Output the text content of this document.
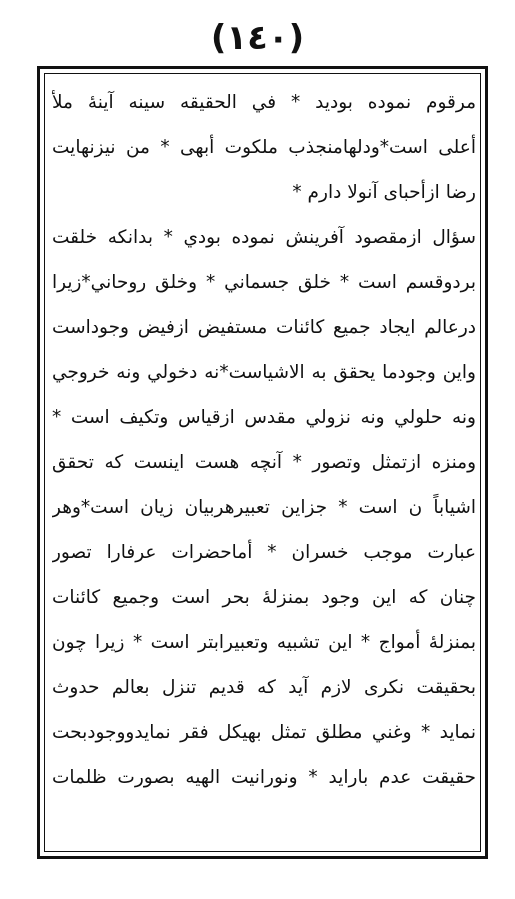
(١٤٠)
مرقوم نموده بوديد * في الحقيقه سينه آينهٔ ملأ
أعلى است*ودلهامنجذب ملكوت أبهى * من نيزنهايت
رضا ازأحباى آنولا دارم *
سؤال ازمقصود آفرينش نموده بودي * بدانكه خلقت
بردوقسم است * خلق جسماني * وخلق روحاني*زيرا
درعالم ايجاد جميع كائنات مستفيض ازفيض وجوداست
واين وجودما يحقق به الاشياست*نه دخولي ونه خروجي
ونه حلولي ونه نزولي مقدس ازقياس وتكيف است *
ومنزه ازتمثل وتصور * آنچه هست اينست كه تحقق
اشياباً ن است * جزاين تعبيرهربيان زيان است*وهر
عبارت موجب خسران * أماحضرات عرفارا تصور
چنان كه اين وجود بمنزلهٔ بحر است وجميع كائنات
بمنزلهٔ أمواج * اين تشبيه وتعبيرابتر است * زيرا چون
بحقيقت نكرى لازم آيد كه قديم تنزل بعالم حدوث
نمايد * وغني مطلق تمثل بهيكل فقر نمايدووجودبحت
حقيقت عدم بارايد * ونورانيت الهيه بصورت ظلمات
